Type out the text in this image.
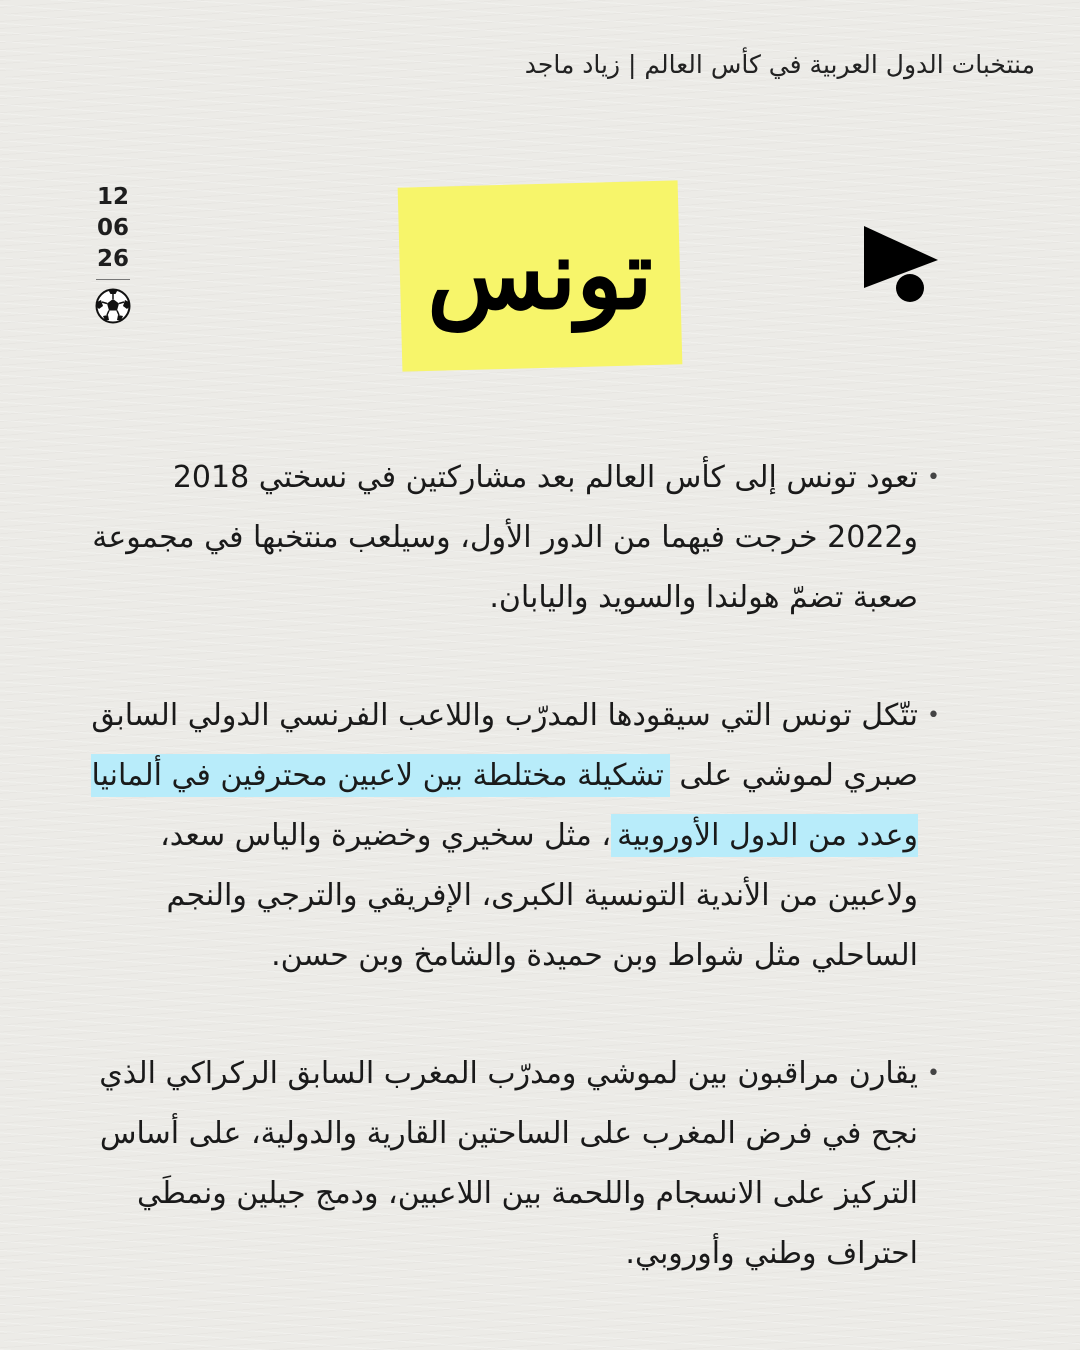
منتخبات الدول العربية في كأس العالم | زياد ماجد
12
06
26	تونس
•
تعود تونس إلى كأس العالم بعد مشاركتين في نسختي 2018 و2022 خرجت فيهما من الدور الأول، وسيلعب منتخبها في مجموعة صعبة تضمّ هولندا والسويد واليابان.
•
تتّكل تونس التي سيقودها المدرّب واللاعب الفرنسي الدولي السابق صبري لموشي على تشكيلة مختلطة بين لاعبين محترفين في ألمانيا وعدد من الدول الأوروبية، مثل سخيري وخضيرة والياس سعد، ولاعبين من الأندية التونسية الكبرى، الإفريقي والترجي والنجم الساحلي مثل شواط وبن حميدة والشامخ وبن حسن.
•
يقارن مراقبون بين لموشي ومدرّب المغرب السابق الركراكي الذي نجح في فرض المغرب على الساحتين القارية والدولية، على أساس التركيز على الانسجام واللحمة بين اللاعبين، ودمج جيلين ونمطَي احتراف وطني وأوروبي.
